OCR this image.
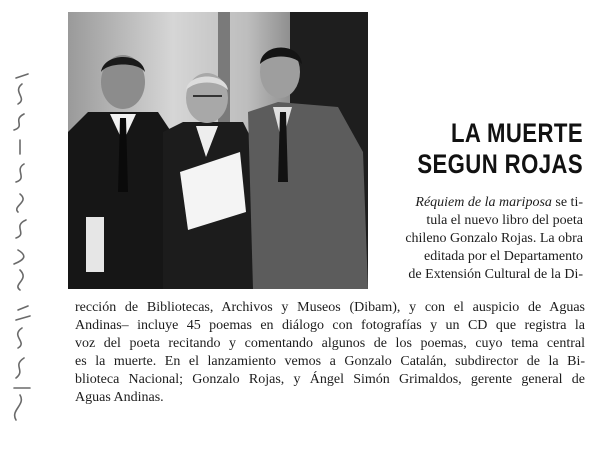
LA MUERTE
SEGUN ROJAS
Réquiem de la mariposa se ti-
tula el nuevo libro del poeta
chileno Gonzalo Rojas. La obra
editada por el Departamento
de Extensión Cultural de la Di-
rección de Bibliotecas, Archivos y Museos (Dibam), y con el auspicio de Aguas
Andinas– incluye 45 poemas en diálogo con fotografías y un CD que registra la
voz del poeta recitando y comentando algunos de los poemas, cuyo tema central
es la muerte. En el lanzamiento vemos a Gonzalo Catalán, subdirector de la Bi-
blioteca Nacional; Gonzalo Rojas, y Ángel Simón Grimaldos, gerente general de
Aguas Andinas.
